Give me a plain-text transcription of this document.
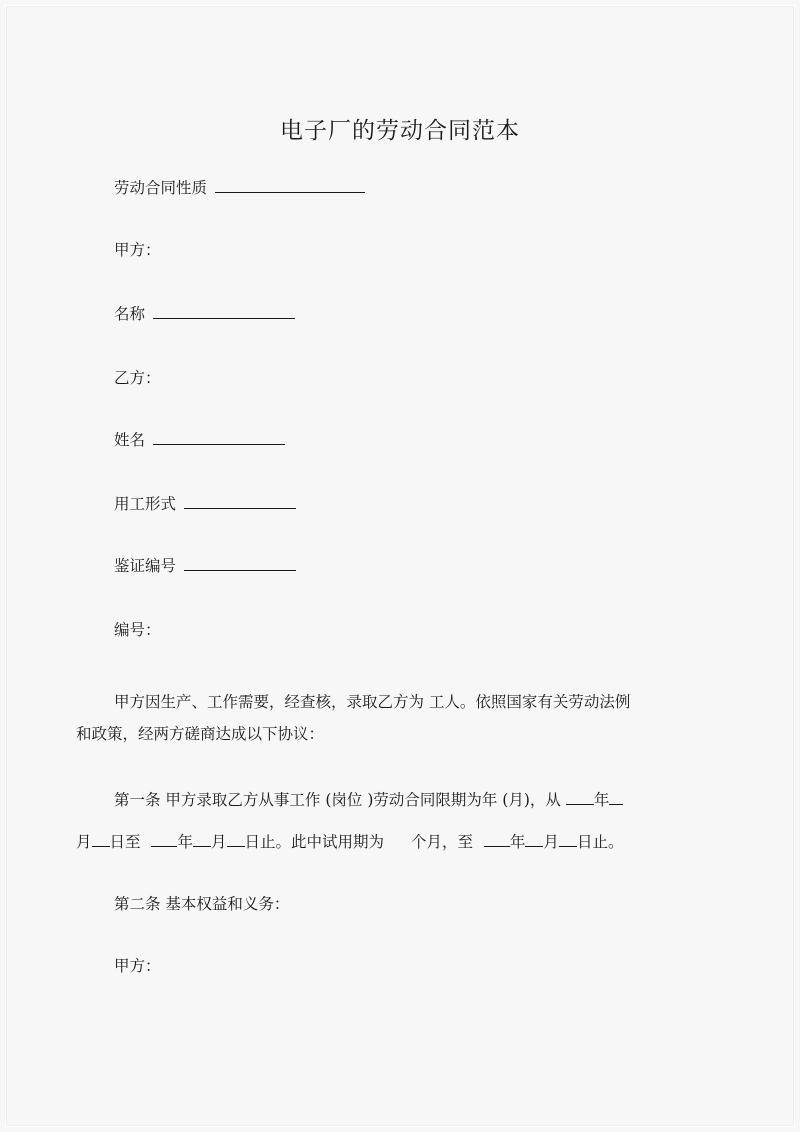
电子厂的劳动合同范本
劳动合同性质
甲方：
名称
乙方：
姓名
用工形式
鉴证编号
编号：
甲方因生产、工作需要，经查核，录取乙方为 工人。依照国家有关劳动法例
和政策，经两方磋商达成以下协议：
第一条 甲方录取乙方从事工作 (岗位 )劳动合同限期为年 (月)，从 年
月 日至 年 月 日止。此中试用期为 个月，至 年 月 日止。
第二条 基本权益和义务：
甲方：
